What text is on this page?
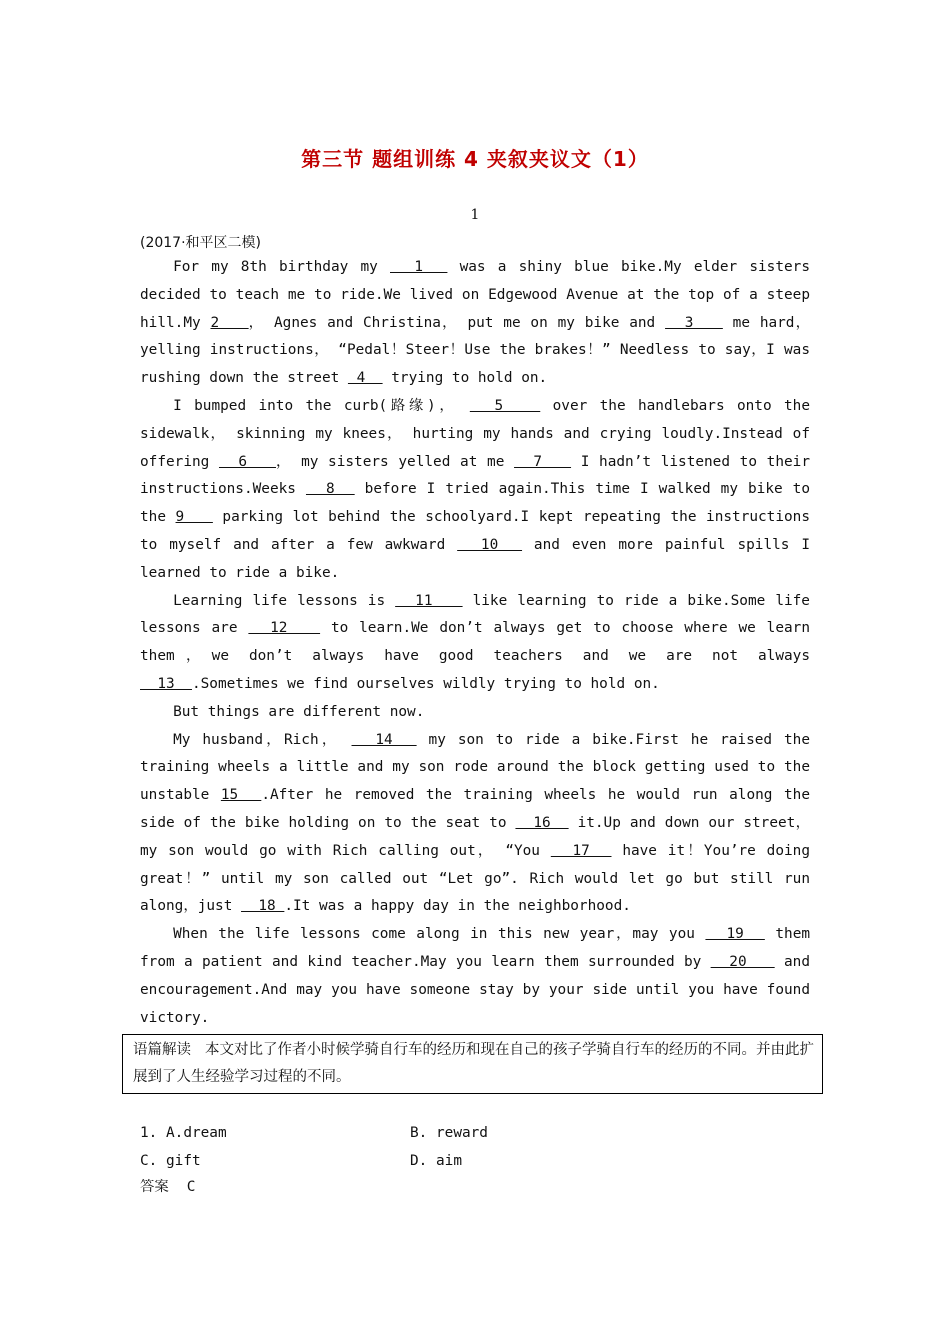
第三节 题组训练 4 夹叙夹议文（1）
1
(2017·和平区二模)

For my 8th birthday my   1   was a shiny blue bike.My elder sisters decided to teach me to ride.We lived on Edgewood Avenue at the top of a steep hill.My 2   ， Agnes and Christina， put me on my bike and   3    me hard， yelling instructions， “Pedal！Steer！Use the brakes！” Needless to say，I was rushing down the street  4   trying to hold on.

I bumped into the curb(路缘)，   5    over the handlebars onto the sidewalk， skinning my knees， hurting my hands and crying loudly.Instead of offering   6   ， my sisters yelled at me   7    I hadn’t listened to their instructions.Weeks   8   before I tried again.This time I walked my bike to the 9    parking lot behind the schoolyard.I kept repeating the instructions to myself and after a few awkward   10   and even more painful spills I learned to ride a bike.

Learning life lessons is   11    like learning to ride a bike.Some life lessons are   12    to learn.We don’t always get to choose where we learn them，we don’t always have good teachers and we are not always   13  .Sometimes we find ourselves wildly trying to hold on.

But things are different now.

My husband，Rich，   14   my son to ride a bike.First he raised the training wheels a little and my son rode around the block getting used to the unstable 15  .After he removed the training wheels he would run along the side of the bike holding on to the seat to   16   it.Up and down our street，my son would go with Rich calling out， “You   17   have it！You’re doing great！” until my son called out “Let go”. Rich would let go but still run along，just   18 .It was a happy day in the neighborhood.

When the life lessons come along in this new year，may you   19   them from a patient and kind teacher.May you learn them surrounded by   20    and encouragement.And may you have someone stay by your side until you have found victory.

语篇解读 本文对比了作者小时候学骑自行车的经历和现在自己的孩子学骑自行车的经历的不同。并由此扩展到了人生经验学习过程的不同。
1. A.dream	B. reward
C. gift	D. aim
答案 C
